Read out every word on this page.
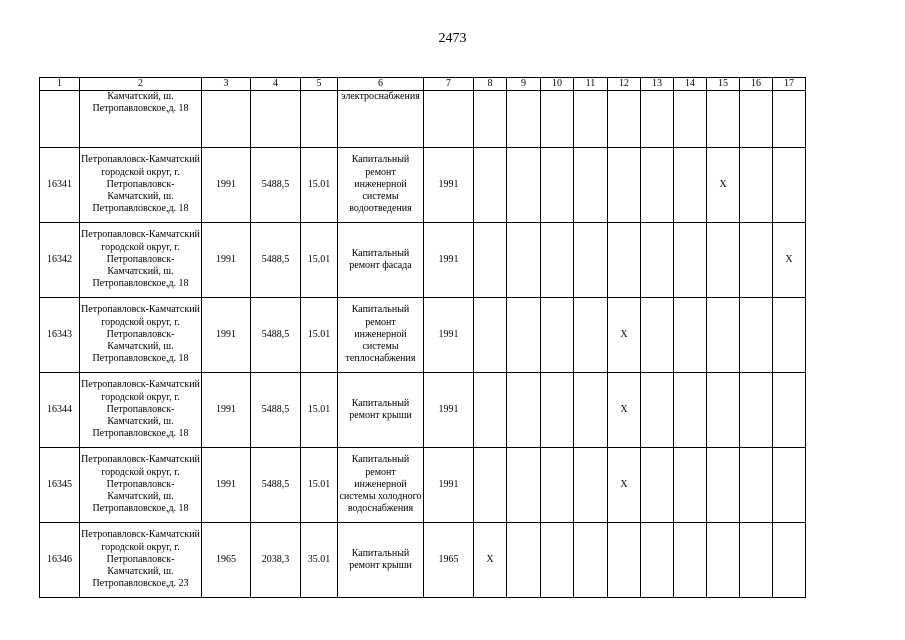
2473
1	2	3	4	5	6	7	8	9	10	11	12	13	14	15	16	17
	Камчатский, ш. Петропавловское,д. 18				электроснабжения											
16341	Петропавловск-Камчатский городской округ, г. Петропавловск-Камчатский, ш. Петропавловское,д. 18	1991	5488,5	15.01	Капитальный ремонт инженерной системы водоотведения	1991								X		
16342	Петропавловск-Камчатский городской округ, г. Петропавловск-Камчатский, ш. Петропавловское,д. 18	1991	5488,5	15.01	Капитальный ремонт фасада	1991										X
16343	Петропавловск-Камчатский городской округ, г. Петропавловск-Камчатский, ш. Петропавловское,д. 18	1991	5488,5	15.01	Капитальный ремонт инженерной системы теплоснабжения	1991					X					
16344	Петропавловск-Камчатский городской округ, г. Петропавловск-Камчатский, ш. Петропавловское,д. 18	1991	5488,5	15.01	Капитальный ремонт крыши	1991					X					
16345	Петропавловск-Камчатский городской округ, г. Петропавловск-Камчатский, ш. Петропавловское,д. 18	1991	5488,5	15.01	Капитальный ремонт инженерной системы холодного водоснабжения	1991					X					
16346	Петропавловск-Камчатский городской округ, г. Петропавловск-Камчатский, ш. Петропавловское,д. 23	1965	2038,3	35.01	Капитальный ремонт крыши	1965	X									
